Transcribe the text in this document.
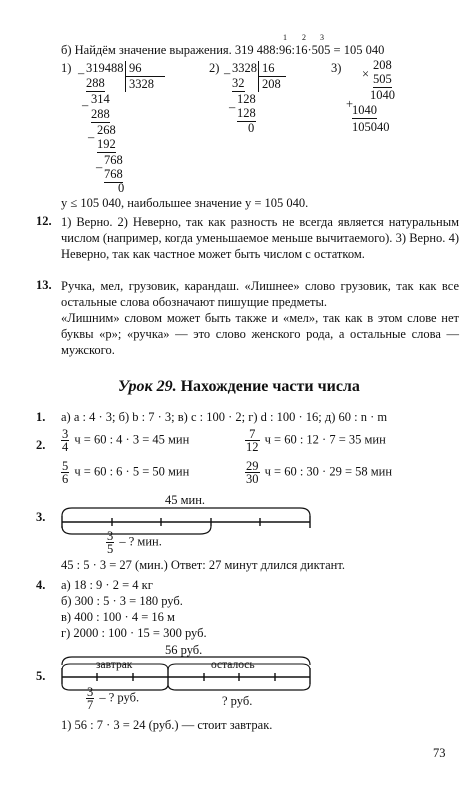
б) Найдём значение выражения. 319 488:96:16·505 = 105 040
1 2 3
1) – 319488 96
3328
288
– 314
288
– 268
192
– 768
768
0
2) – 3328 16
208
32
–
128
128
0
3) ×
208
505
1040
+
1040
105040
y ≤ 105 040, наибольшее значение y = 105 040.
12. 1) Верно. 2) Неверно, так как разность не всегда является натуральным числом (например, когда уменьшаемое меньше вычитаемого). 3) Верно. 4) Неверно, так как частное может быть числом с остатком.
13. Ручка, мел, грузовик, карандаш. «Лишнее» слово грузовик, так как все остальные слова обозначают пишущие предметы.
«Лишним» словом может быть также и «мел», так как в этом слове нет буквы «р»; «ручка» — это слово женского рода, а остальные слова — мужского.
Урок 29. Нахождение части числа
1. а) a : 4 · 3; б) b : 7 · 3; в) c : 100 · 2; г) d : 100 · 16; д) 60 : n · m
2. $\frac{3}{4}$ ч = 60 : 4 · 3 = 45 мин	$\frac{7}{12}$ ч = 60 : 12 · 7 = 35 мин
$\frac{5}{6}$ ч = 60 : 6 · 5 = 50 мин	$\frac{29}{30}$ ч = 60 : 30 · 29 = 58 мин
3.
45 мин.
$\frac{3}{5}$ – ? мин.
45 : 5 · 3 = 27 (мин.) Ответ: 27 минут длился диктант.
4. а) 18 : 9 · 2 = 4 кг
б) 300 : 5 · 3 = 180 руб.
в) 400 : 100 · 4 = 16 м
г) 2000 : 100 · 15 = 300 руб.
5.
56 руб.
завтрак	осталось
$\frac{3}{7}$ – ? руб.	? руб.
1) 56 : 7 · 3 = 24 (руб.) — стоит завтрак.
73
